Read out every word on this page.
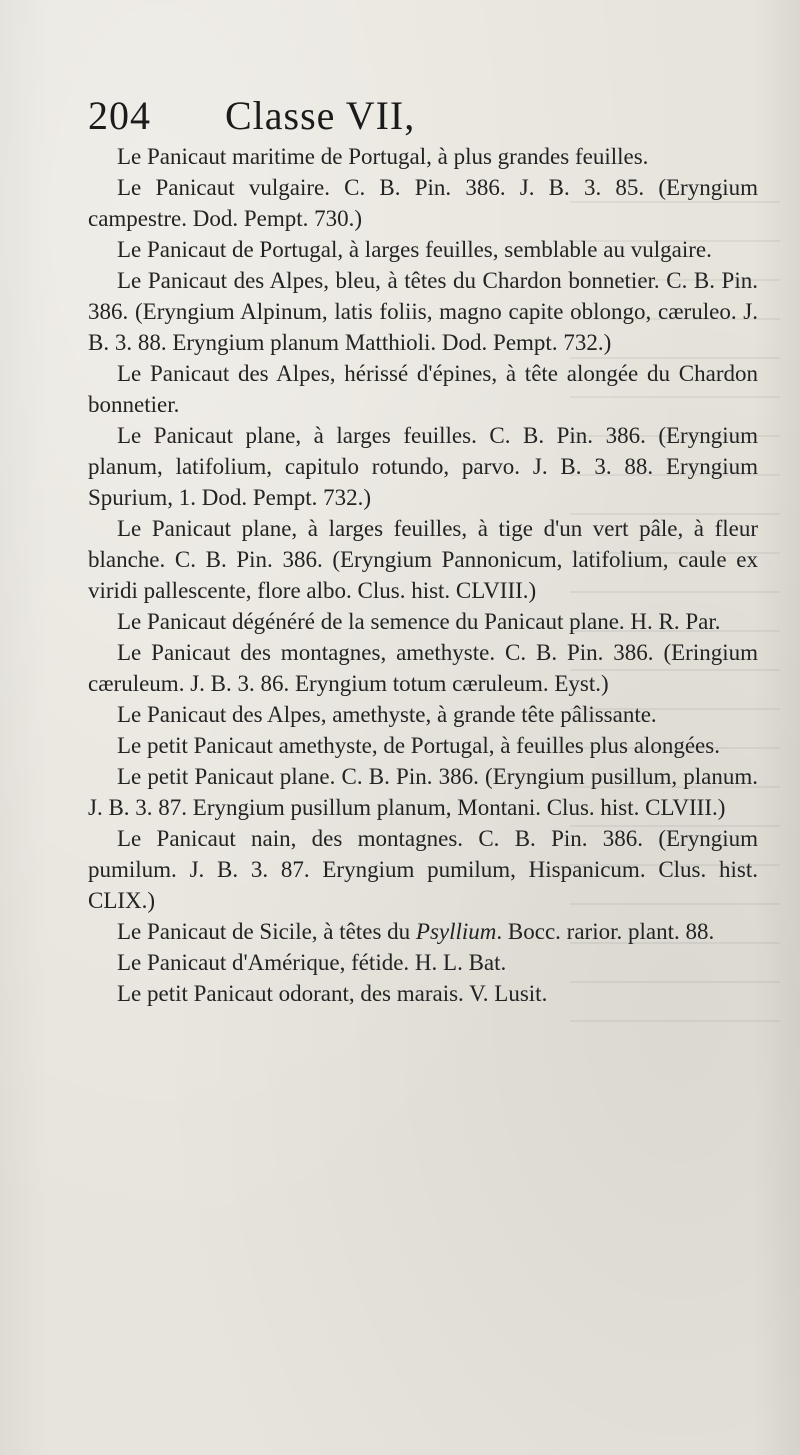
204 Classe VII,

Le Panicaut maritime de Portugal, à plus grandes feuilles.

Le Panicaut vulgaire. C. B. Pin. 386. J. B. 3. 85. (Eryngium campestre. Dod. Pempt. 730.)

Le Panicaut de Portugal, à larges feuilles, semblable au vulgaire.

Le Panicaut des Alpes, bleu, à têtes du Chardon bonnetier. C. B. Pin. 386. (Eryngium Alpinum, latis foliis, magno capite oblongo, cæruleo. J. B. 3. 88. Eryngium planum Matthioli. Dod. Pempt. 732.)

Le Panicaut des Alpes, hérissé d'épines, à tête alongée du Chardon bonnetier.

Le Panicaut plane, à larges feuilles. C. B. Pin. 386. (Eryngium planum, latifolium, capitulo rotundo, parvo. J. B. 3. 88. Eryngium Spurium, 1. Dod. Pempt. 732.)

Le Panicaut plane, à larges feuilles, à tige d'un vert pâle, à fleur blanche. C. B. Pin. 386. (Eryngium Pannonicum, latifolium, caule ex viridi pallescente, flore albo. Clus. hist. CLVIII.)

Le Panicaut dégénéré de la semence du Panicaut plane. H. R. Par.

Le Panicaut des montagnes, amethyste. C. B. Pin. 386. (Eringium cæruleum. J. B. 3. 86. Eryngium totum cæruleum. Eyst.)

Le Panicaut des Alpes, amethyste, à grande tête pâlissante.

Le petit Panicaut amethyste, de Portugal, à feuilles plus alongées.

Le petit Panicaut plane. C. B. Pin. 386. (Eryngium pusillum, planum. J. B. 3. 87. Eryngium pusillum planum, Montani. Clus. hist. CLVIII.)

Le Panicaut nain, des montagnes. C. B. Pin. 386. (Eryngium pumilum. J. B. 3. 87. Eryngium pumilum, Hispanicum. Clus. hist. CLIX.)

Le Panicaut de Sicile, à têtes du Psyllium. Bocc. rarior. plant. 88.

Le Panicaut d'Amérique, fétide. H. L. Bat.

Le petit Panicaut odorant, des marais. V. Lusit.
